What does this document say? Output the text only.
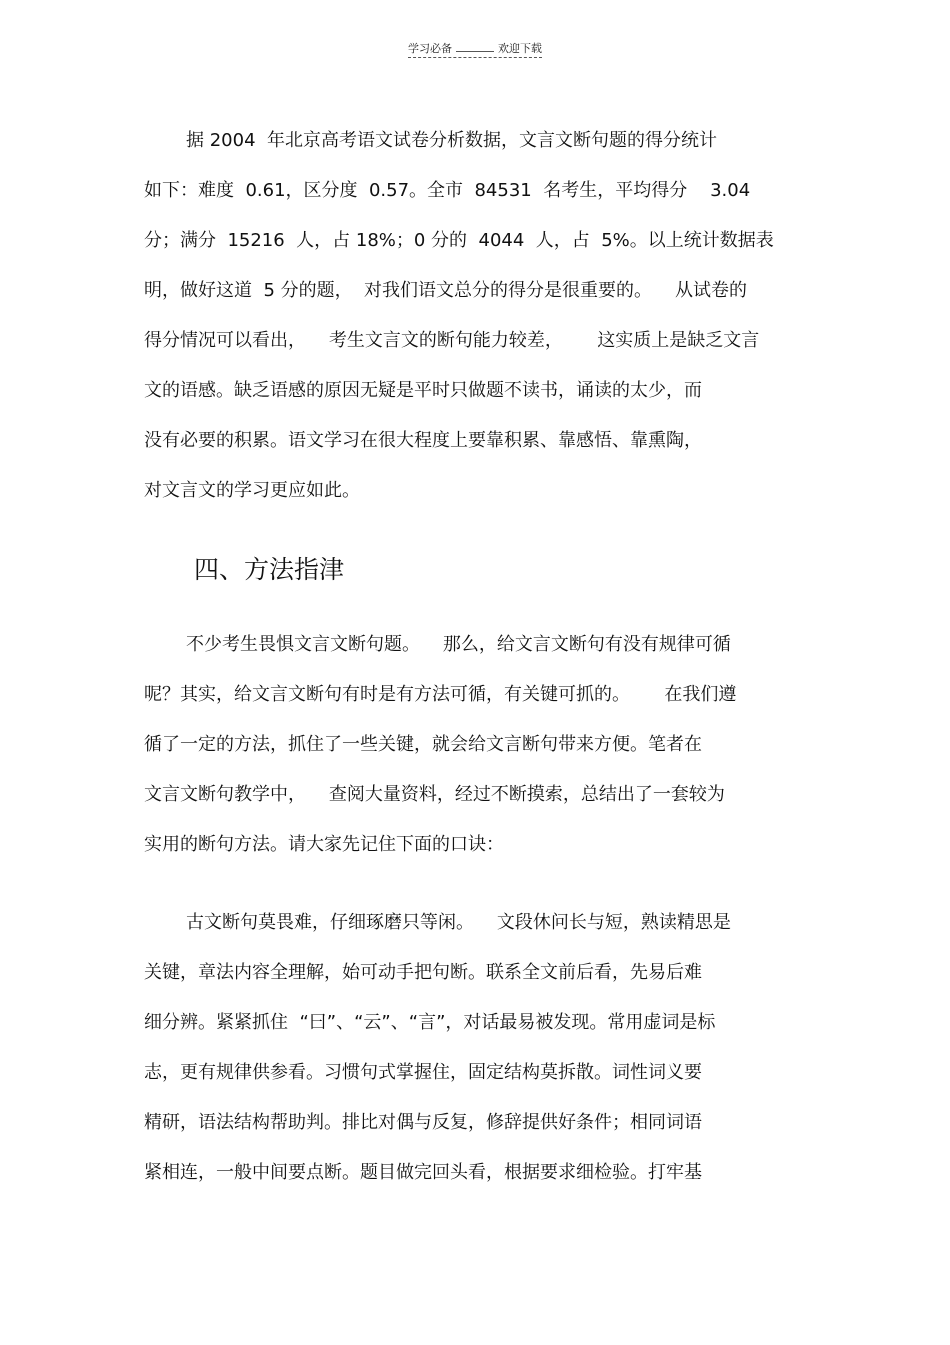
学习必备	欢迎下载
据 2004  年北京高考语文试卷分析数据，文言文断句题的得分统计
如下：难度  0.61，区分度  0.57。全市  84531  名考生，平均得分    3.04
分；满分  15216  人，占 18%；0 分的  4044  人，占  5%。以上统计数据表
明，做好这道  5 分的题，  对我们语文总分的得分是很重要的。    从试卷的
得分情况可以看出，    考生文言文的断句能力较差，      这实质上是缺乏文言
文的语感。缺乏语感的原因无疑是平时只做题不读书，诵读的太少，而
没有必要的积累。语文学习在很大程度上要靠积累、靠感悟、靠熏陶，
对文言文的学习更应如此。
四、方法指津
不少考生畏惧文言文断句题。    那么，给文言文断句有没有规律可循
呢？其实，给文言文断句有时是有方法可循，有关键可抓的。      在我们遵
循了一定的方法，抓住了一些关键，就会给文言断句带来方便。笔者在
文言文断句教学中，    查阅大量资料，经过不断摸索，总结出了一套较为
实用的断句方法。请大家先记住下面的口诀：
古文断句莫畏难，仔细琢磨只等闲。    文段休问长与短，熟读精思是
关键，章法内容全理解，始可动手把句断。联系全文前后看，先易后难
细分辨。紧紧抓住  “曰”、“云”、“言”，对话最易被发现。常用虚词是标
志，更有规律供参看。习惯句式掌握住，固定结构莫拆散。词性词义要
精研，语法结构帮助判。排比对偶与反复，修辞提供好条件；相同词语
紧相连，一般中间要点断。题目做完回头看，根据要求细检验。打牢基
